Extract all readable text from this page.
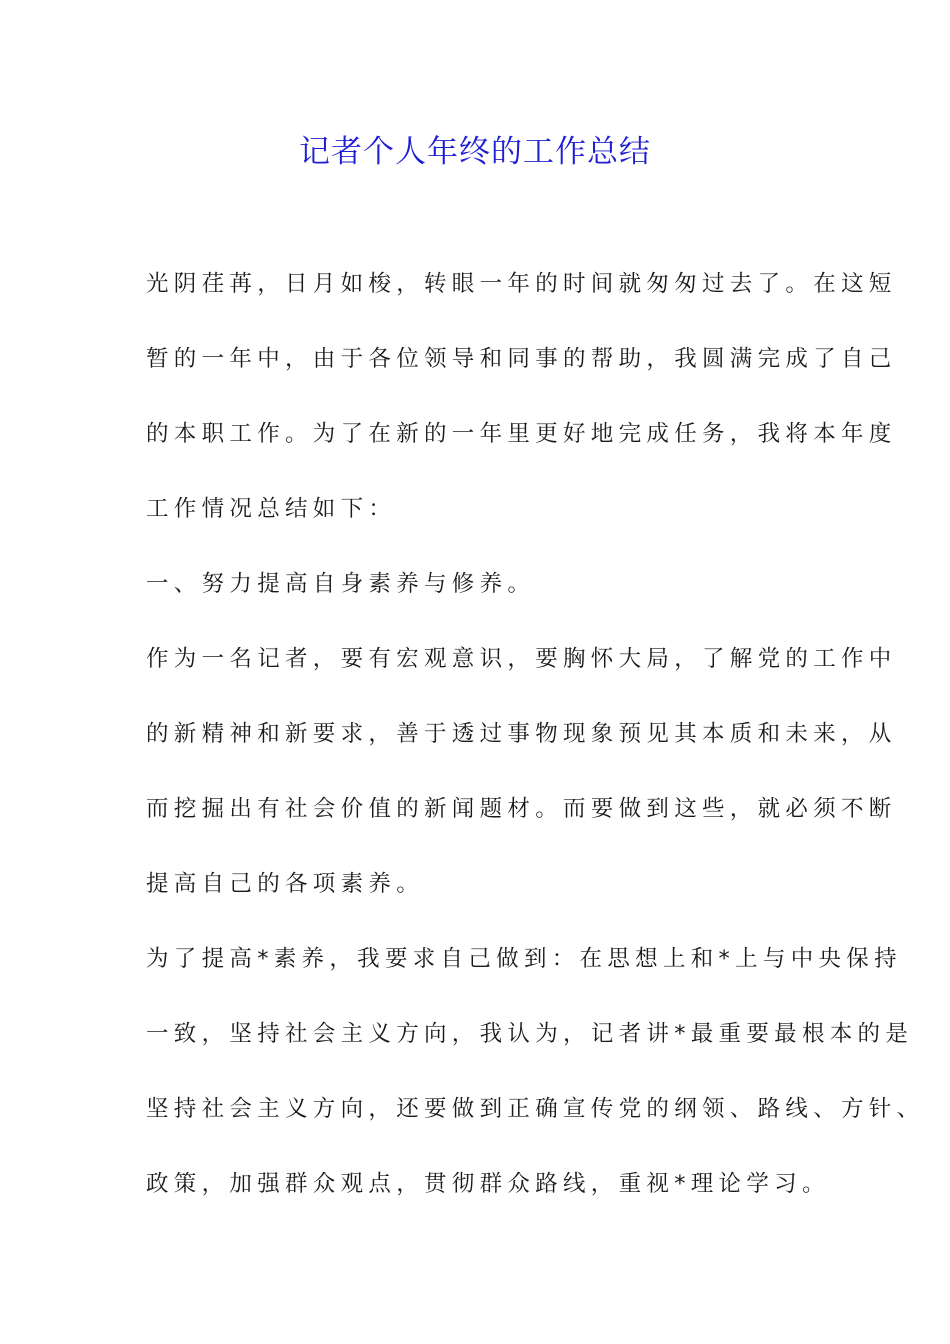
记者个人年终的工作总结

光阴荏苒，日月如梭，转眼一年的时间就匆匆过去了。在这短

暂的一年中，由于各位领导和同事的帮助，我圆满完成了自己

的本职工作。为了在新的一年里更好地完成任务，我将本年度

工作情况总结如下：

一、努力提高自身素养与修养。

作为一名记者，要有宏观意识，要胸怀大局，了解党的工作中

的新精神和新要求，善于透过事物现象预见其本质和未来，从

而挖掘出有社会价值的新闻题材。而要做到这些，就必须不断

提高自己的各项素养。

为了提高*素养，我要求自己做到：在思想上和*上与中央保持

一致，坚持社会主义方向，我认为，记者讲*最重要最根本的是

坚持社会主义方向，还要做到正确宣传党的纲领、路线、方针、

政策，加强群众观点，贯彻群众路线，重视*理论学习。
